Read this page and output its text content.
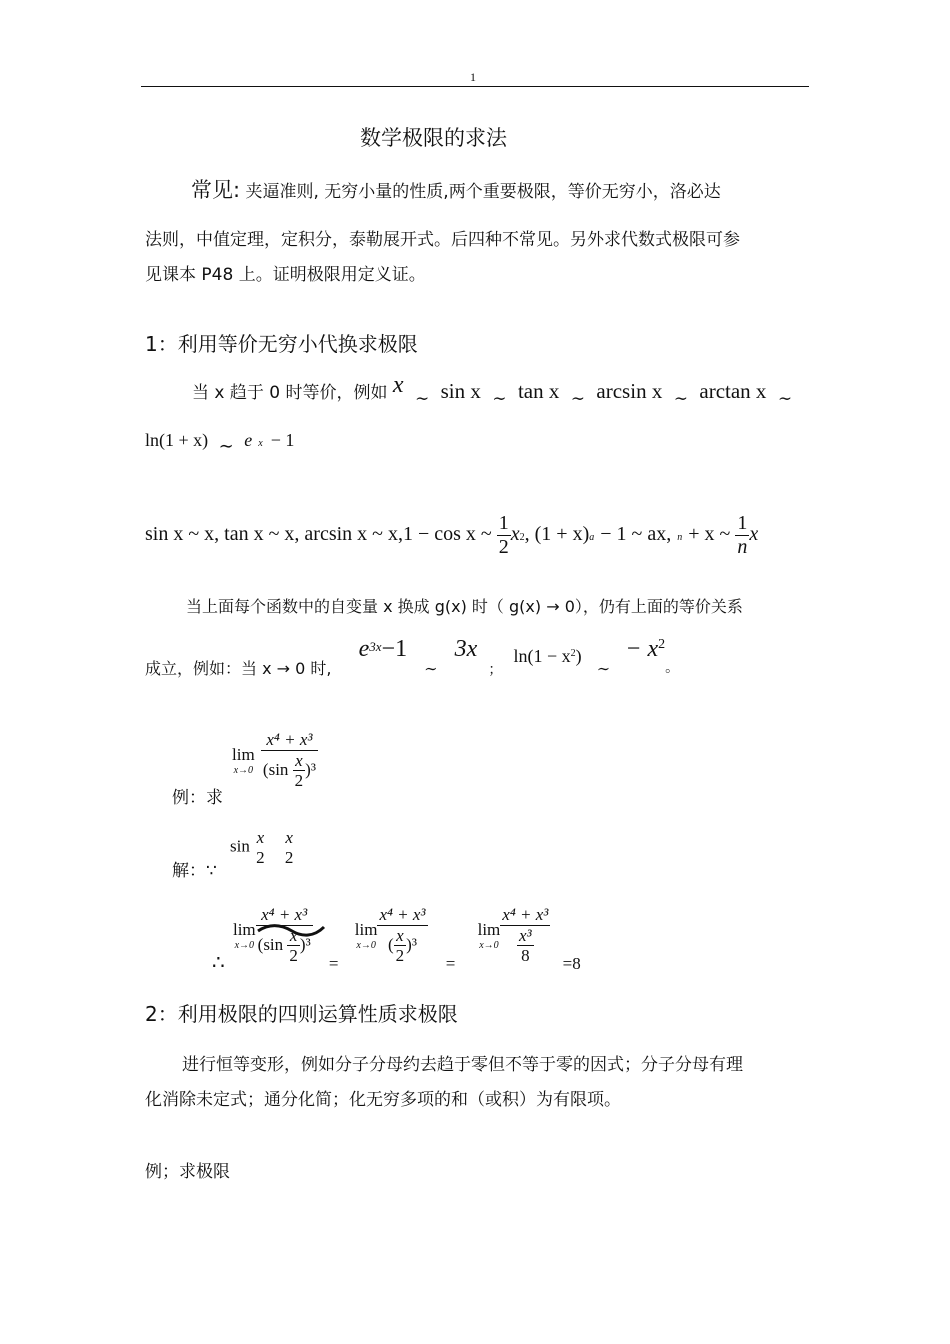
1
数学极限的求法
常见: 夹逼准则, 无穷小量的性质,两个重要极限，等价无穷小，洛必达
法则，中值定理，定积分，泰勒展开式。后四种不常见。另外求代数式极限可参
见课本 P48 上。证明极限用定义证。
1：利用等价无穷小代换求极限
当 x 趋于 0 时等价，例如 x ∼ sin x ∼ tan x ∼ arcsin x ∼ arctan x ∼
ln(1 + x) ∼ e x − 1
sin x ~ x, tan x ~ x, arcsin x ~ x,1 − cos x ~ $\frac{1}{2} x2$, (1 + x)a − 1 ~ ax, n + x ~ $\frac{1}{n}$ x
当上面每个函数中的自变量 x 换成 g(x) 时（ g(x) → 0），仍有上面的等价关系
成立，例如：当 x → 0 时, $e^{3x}-1$ ∼ 3x ； ln(1 − x2) ∼ − x2。
lim
x→0
$\frac{\text{x⁴ + x³}}{(\sin \frac{x}{2} )^3}$
例：求
解：∵
sin x
2

x
2
∴
lim
$x\to 0 \frac{\text{x⁴ + x³}}{(\sin \frac{x}{2} )^3}$ =
lim
$x\to 0 \frac{\text{x⁴ + x³}}{( \frac{x}{2} )^3}$ =
lim
$x\to 0 \frac{\text{x⁴ + x³}}{\frac{\text{x³}}{8}} =8$
2：利用极限的四则运算性质求极限
进行恒等变形，例如分子分母约去趋于零但不等于零的因式；分子分母有理
化消除未定式；通分化简；化无穷多项的和（或积）为有限项。
例；求极限
